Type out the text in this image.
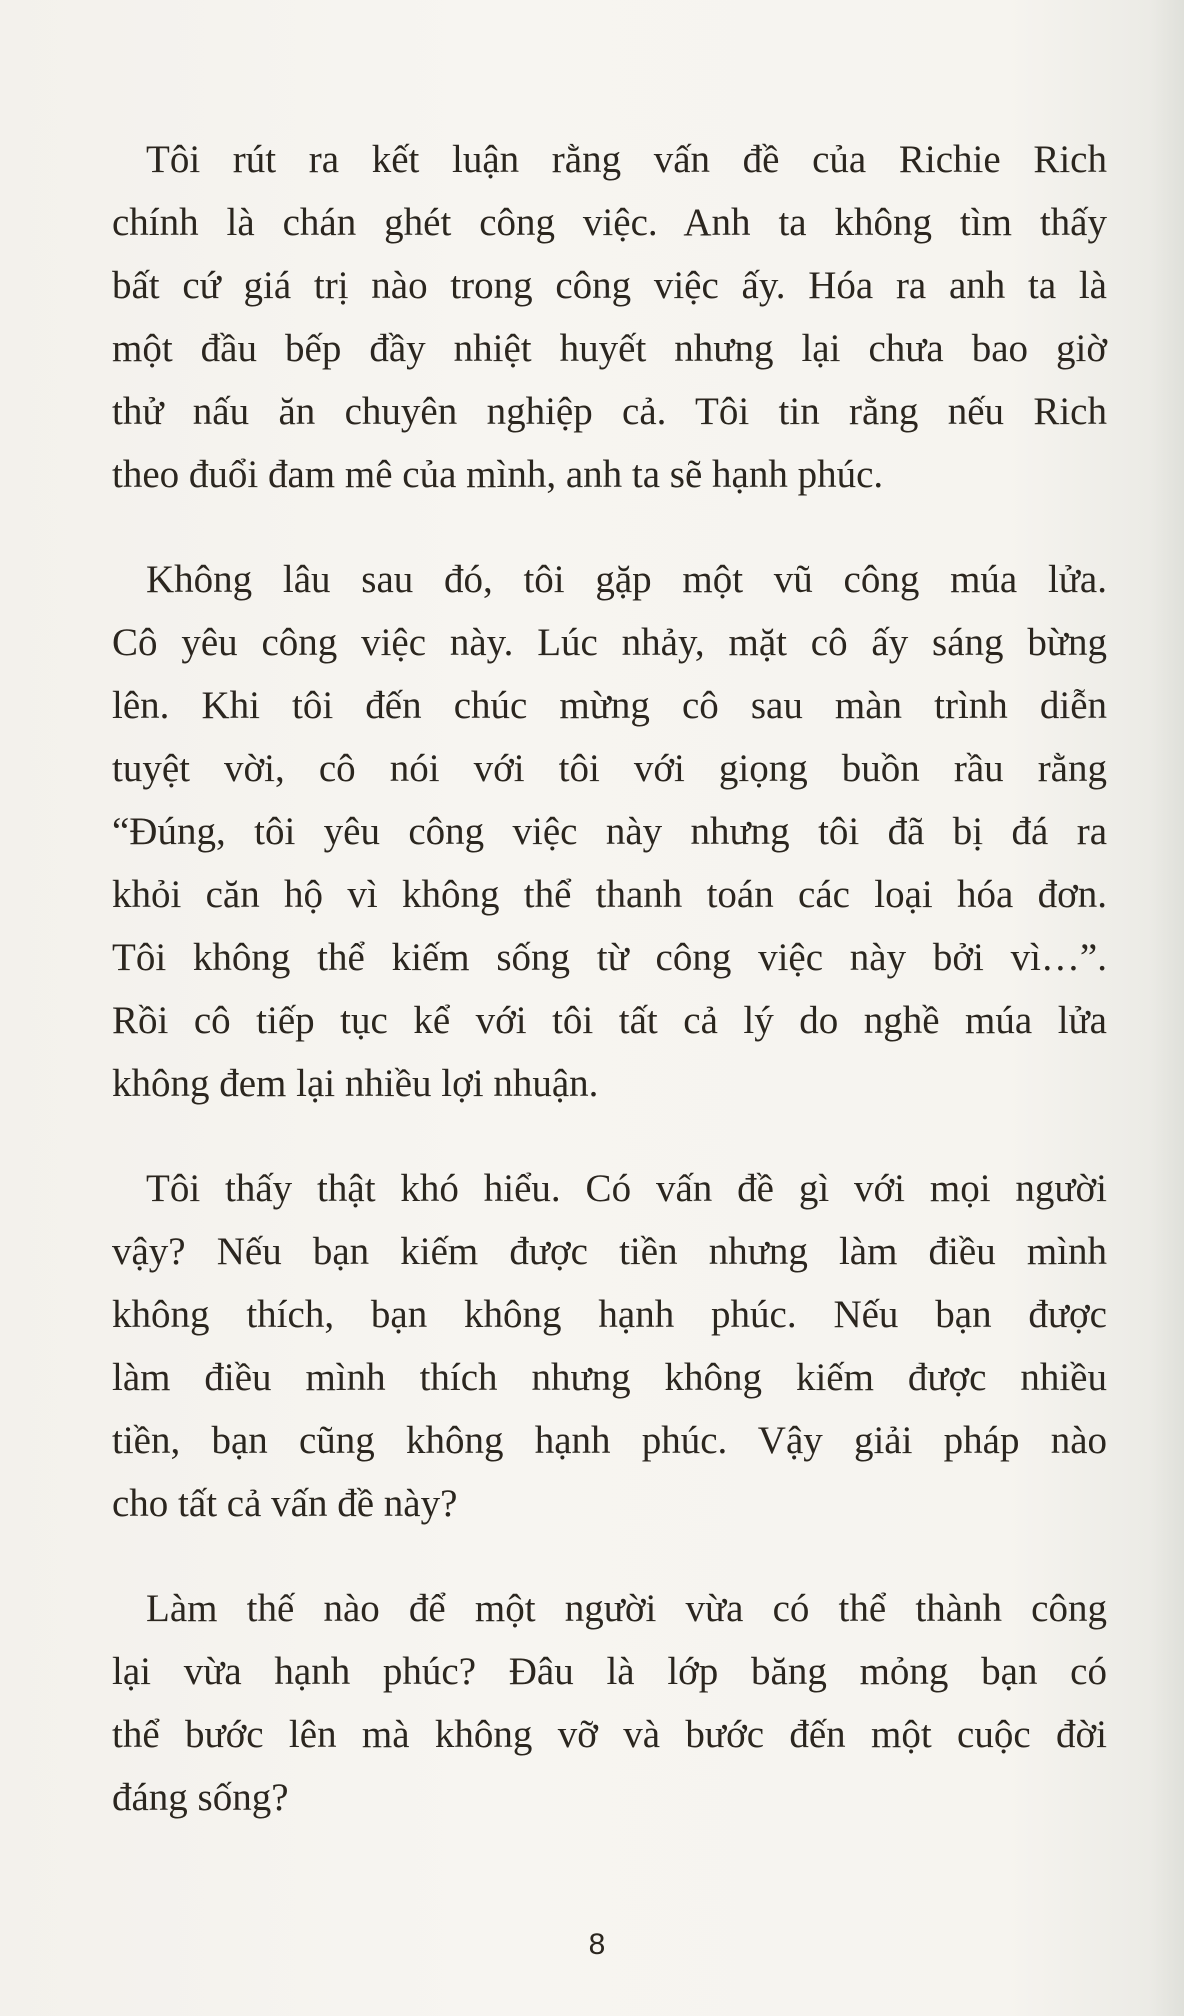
Tôi rút ra kết luận rằng vấn đề của Richie Rich
chính là chán ghét công việc. Anh ta không tìm thấy
bất cứ giá trị nào trong công việc ấy. Hóa ra anh ta là
một đầu bếp đầy nhiệt huyết nhưng lại chưa bao giờ
thử nấu ăn chuyên nghiệp cả. Tôi tin rằng nếu Rich
theo đuổi đam mê của mình, anh ta sẽ hạnh phúc.
Không lâu sau đó, tôi gặp một vũ công múa lửa.
Cô yêu công việc này. Lúc nhảy, mặt cô ấy sáng bừng
lên. Khi tôi đến chúc mừng cô sau màn trình diễn
tuyệt vời, cô nói với tôi với giọng buồn rầu rằng
“Đúng, tôi yêu công việc này nhưng tôi đã bị đá ra
khỏi căn hộ vì không thể thanh toán các loại hóa đơn.
Tôi không thể kiếm sống từ công việc này bởi vì…”.
Rồi cô tiếp tục kể với tôi tất cả lý do nghề múa lửa
không đem lại nhiều lợi nhuận.
Tôi thấy thật khó hiểu. Có vấn đề gì với mọi người
vậy? Nếu bạn kiếm được tiền nhưng làm điều mình
không thích, bạn không hạnh phúc. Nếu bạn được
làm điều mình thích nhưng không kiếm được nhiều
tiền, bạn cũng không hạnh phúc. Vậy giải pháp nào
cho tất cả vấn đề này?
Làm thế nào để một người vừa có thể thành công
lại vừa hạnh phúc? Đâu là lớp băng mỏng bạn có
thể bước lên mà không vỡ và bước đến một cuộc đời
đáng sống?
8
